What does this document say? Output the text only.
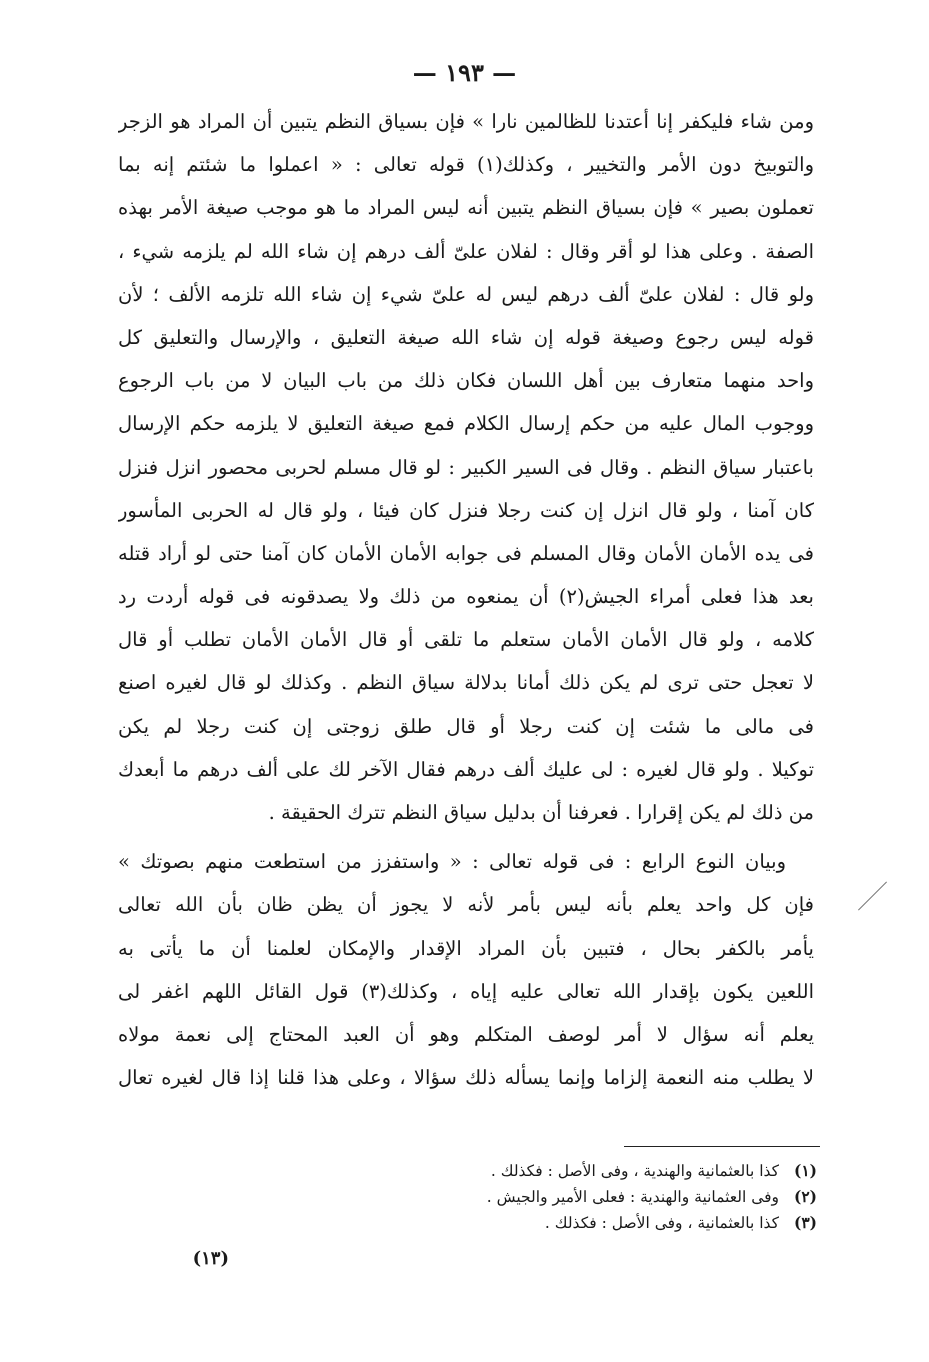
— ١٩٣ —
ومن شاء فليكفر إنا أعتدنا للظالمين نارا » فإن بسياق النظم يتبين أن المراد هو الزجر
والتوبيخ دون الأمر والتخيير ، وكذلك(١) قوله تعالى : « اعملوا ما شئتم إنه بما
تعملون بصير » فإن بسياق النظم يتبين أنه ليس المراد ما هو موجب صيغة الأمر بهذه
الصفة . وعلى هذا لو أقر وقال : لفلان علىّ ألف درهم إن شاء الله لم يلزمه شيء ،
ولو قال : لفلان علىّ ألف درهم ليس له علىّ شيء إن شاء الله تلزمه الألف ؛ لأن
قوله ليس رجوع وصيغة قوله إن شاء الله صيغة التعليق ، والإرسال والتعليق كل
واحد منهما متعارف بين أهل اللسان فكان ذلك من باب البيان لا من باب الرجوع
ووجوب المال عليه من حكم إرسال الكلام فمع صيغة التعليق لا يلزمه حكم الإرسال
باعتبار سياق النظم . وقال فى السير الكبير : لو قال مسلم لحربى محصور انزل فنزل
كان آمنا ، ولو قال انزل إن كنت رجلا فنزل كان فيئا ، ولو قال له الحربى المأسور
فى يده الأمان الأمان وقال المسلم فى جوابه الأمان الأمان كان آمنا حتى لو أراد قتله
بعد هذا فعلى أمراء الجيش(٢) أن يمنعوه من ذلك ولا يصدقونه فى قوله أردت رد
كلامه ، ولو قال الأمان الأمان ستعلم ما تلقى أو قال الأمان الأمان تطلب أو قال
لا تعجل حتى ترى لم يكن ذلك أمانا بدلالة سياق النظم . وكذلك لو قال لغيره اصنع
فى مالى ما شئت إن كنت رجلا أو قال طلق زوجتى إن كنت رجلا لم يكن
توكيلا . ولو قال لغيره : لى عليك ألف درهم فقال الآخر لك على ألف درهم ما أبعدك
من ذلك لم يكن إقرارا . فعرفنا أن بدليل سياق النظم تترك الحقيقة .
وبيان النوع الرابع : فى قوله تعالى : « واستفزز من استطعت منهم بصوتك »
فإن كل واحد يعلم بأنه ليس بأمر لأنه لا يجوز أن يظن ظان بأن الله تعالى
يأمر بالكفر بحال ، فتبين بأن المراد الإقدار والإمكان لعلمنا أن ما يأتى به
اللعين يكون بإقدار الله تعالى عليه إياه ، وكذلك(٣) قول القائل اللهم اغفر لى
يعلم أنه سؤال لا أمر لوصف المتكلم وهو أن العبد المحتاج إلى نعمة مولاه
لا يطلب منه النعمة إلزاما وإنما يسأله ذلك سؤالا ، وعلى هذا قلنا إذا قال لغيره تعال
(١) كذا بالعثمانية والهندية ، وفى الأصل : فكذلك .
(٢) وفى العثمانية والهندية : فعلى الأمير والجيش .
(٣) كذا بالعثمانية ، وفى الأصل : فكذلك .
(١٣)
